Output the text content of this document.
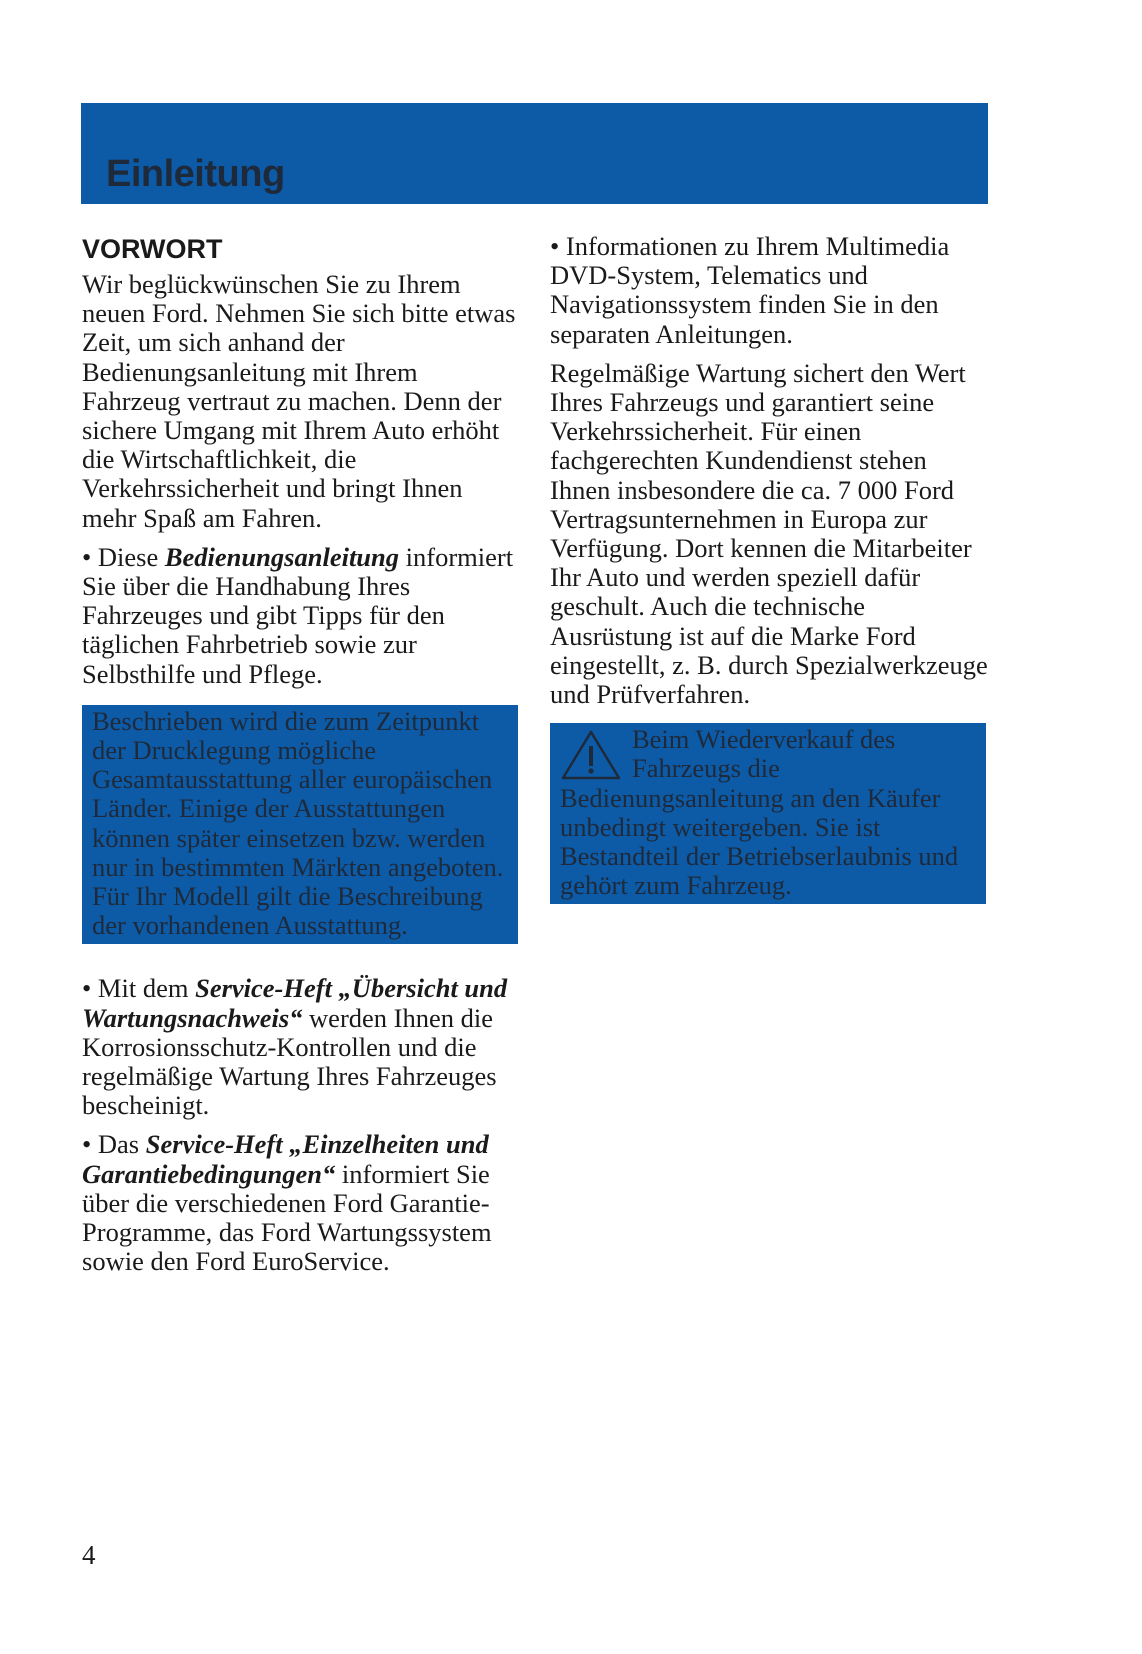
Einleitung
VORWORT

Wir beglückwünschen Sie zu Ihrem neuen Ford. Nehmen Sie sich bitte etwas Zeit, um sich anhand der Bedienungsanleitung mit Ihrem Fahrzeug vertraut zu machen. Denn der sichere Umgang mit Ihrem Auto erhöht die Wirtschaftlichkeit, die Verkehrssicherheit und bringt Ihnen mehr Spaß am Fahren.

• Diese Bedienungsanleitung informiert Sie über die Handhabung Ihres Fahrzeuges und gibt Tipps für den täglichen Fahrbetrieb sowie zur Selbsthilfe und Pflege.

Beschrieben wird die zum Zeitpunkt der Drucklegung mögliche Gesamtausstattung aller europäischen Länder. Einige der Ausstattungen können später einsetzen bzw. werden nur in bestimmten Märkten angeboten. Für Ihr Modell gilt die Beschreibung der vorhandenen Ausstattung.

• Mit dem Service-Heft „Übersicht und Wartungsnachweis“ werden Ihnen die Korrosionsschutz-Kontrollen und die regelmäßige Wartung Ihres Fahrzeuges bescheinigt.

• Das Service-Heft „Einzelheiten und Garantiebedingungen“ informiert Sie über die verschiedenen Ford Garantie-Programme, das Ford Wartungssystem sowie den Ford EuroService.

• Informationen zu Ihrem Multimedia DVD-System, Telematics und Navigationssystem finden Sie in den separaten Anleitungen.

Regelmäßige Wartung sichert den Wert Ihres Fahrzeugs und garantiert seine Verkehrssicherheit. Für einen fachgerechten Kundendienst stehen Ihnen insbesondere die ca. 7 000 Ford Vertragsunternehmen in Europa zur Verfügung. Dort kennen die Mitarbeiter Ihr Auto und werden speziell dafür geschult. Auch die technische Ausrüstung ist auf die Marke Ford eingestellt, z. B. durch Spezialwerkzeuge und Prüfverfahren.

Beim Wiederverkauf des Fahrzeugs die Bedienungsanleitung an den Käufer unbedingt weitergeben. Sie ist Bestandteil der Betriebserlaubnis und gehört zum Fahrzeug.
4
